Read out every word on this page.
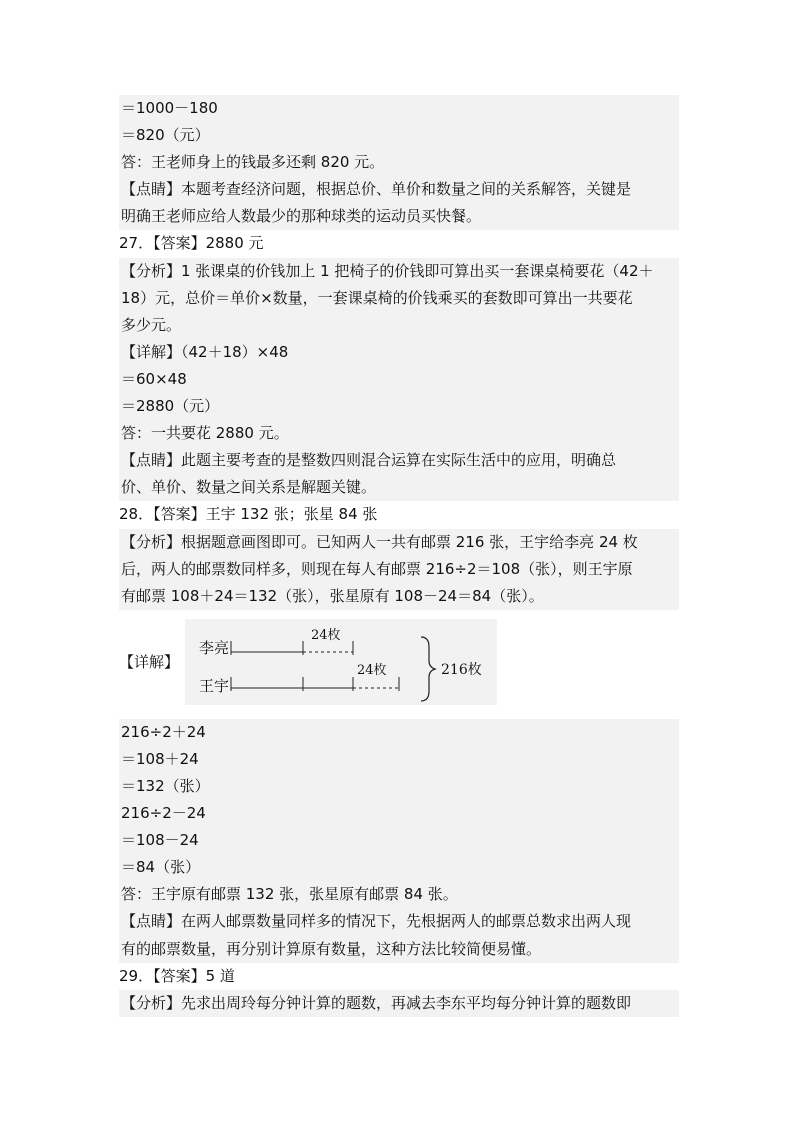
＝1000－180
＝820（元）
答：王老师身上的钱最多还剩 820 元。
【点睛】本题考查经济问题，根据总价、单价和数量之间的关系解答，关键是
明确王老师应给人数最少的那种球类的运动员买快餐。
27．【答案】2880 元
【分析】1 张课桌的价钱加上 1 把椅子的价钱即可算出买一套课桌椅要花（42＋
18）元，总价＝单价×数量，一套课桌椅的价钱乘买的套数即可算出一共要花
多少元。
【详解】（42＋18）×48
＝60×48
＝2880（元）
答：一共要花 2880 元。
【点睛】此题主要考查的是整数四则混合运算在实际生活中的应用，明确总
价、单价、数量之间关系是解题关键。
28．【答案】王宇 132 张；张星 84 张
【分析】根据题意画图即可。已知两人一共有邮票 216 张，王宇给李亮 24 枚
后，两人的邮票数同样多，则现在每人有邮票 216÷2＝108（张），则王宇原
有邮票 108＋24＝132（张），张星原有 108－24＝84（张）。
【详解】
李亮
24枚
王宇
24枚	216枚
216÷2＋24
＝108＋24
＝132（张）
216÷2－24
＝108－24
＝84（张）
答：王宇原有邮票 132 张，张星原有邮票 84 张。
【点睛】在两人邮票数量同样多的情况下，先根据两人的邮票总数求出两人现
有的邮票数量，再分别计算原有数量，这种方法比较简便易懂。
29．【答案】5 道
【分析】先求出周玲每分钟计算的题数，再减去李东平均每分钟计算的题数即
